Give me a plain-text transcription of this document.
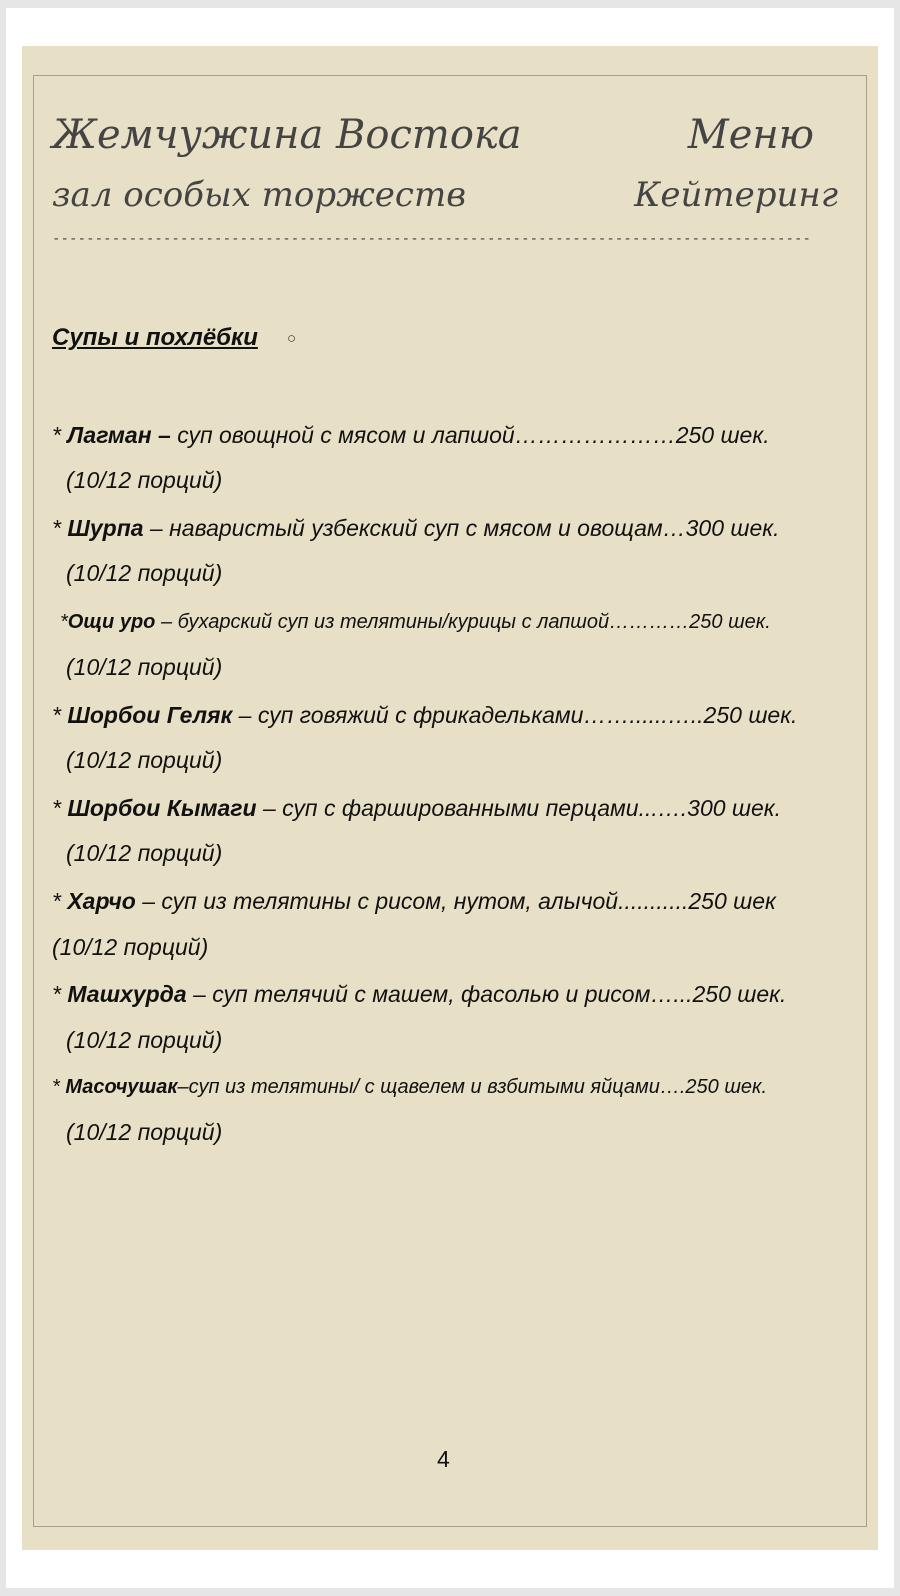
Жемчужина Востока
зал особых торжеств
Меню
Кейтеринг
-----------------------------------------------------------------------------------------
Супы и похлёбки ○
* Лагман – суп овощной с мясом и лапшой…………………250 шек.
(10/12 порций)
* Шурпа – наваристый узбекский суп с мясом и овощам…300 шек.
(10/12 порций)
*Ощи уро – бухарский суп из телятины/курицы с лапшой…………250 шек.
(10/12 порций)
* Шорбои Геляк – суп говяжий с фрикадельками……......…..250 шек.
(10/12 порций)
* Шорбои Кымаги – суп с фаршированными перцами...….300 шек.
(10/12 порций)
* Харчо – суп из телятины с рисом, нутом, алычой...........250 шек
(10/12 порций)
* Машхурда – суп телячий с машем, фасолью и рисом…...250 шек.
(10/12 порций)
* Масочушак–суп из телятины/ с щавелем и взбитыми яйцами….250 шек.
(10/12 порций)
4
